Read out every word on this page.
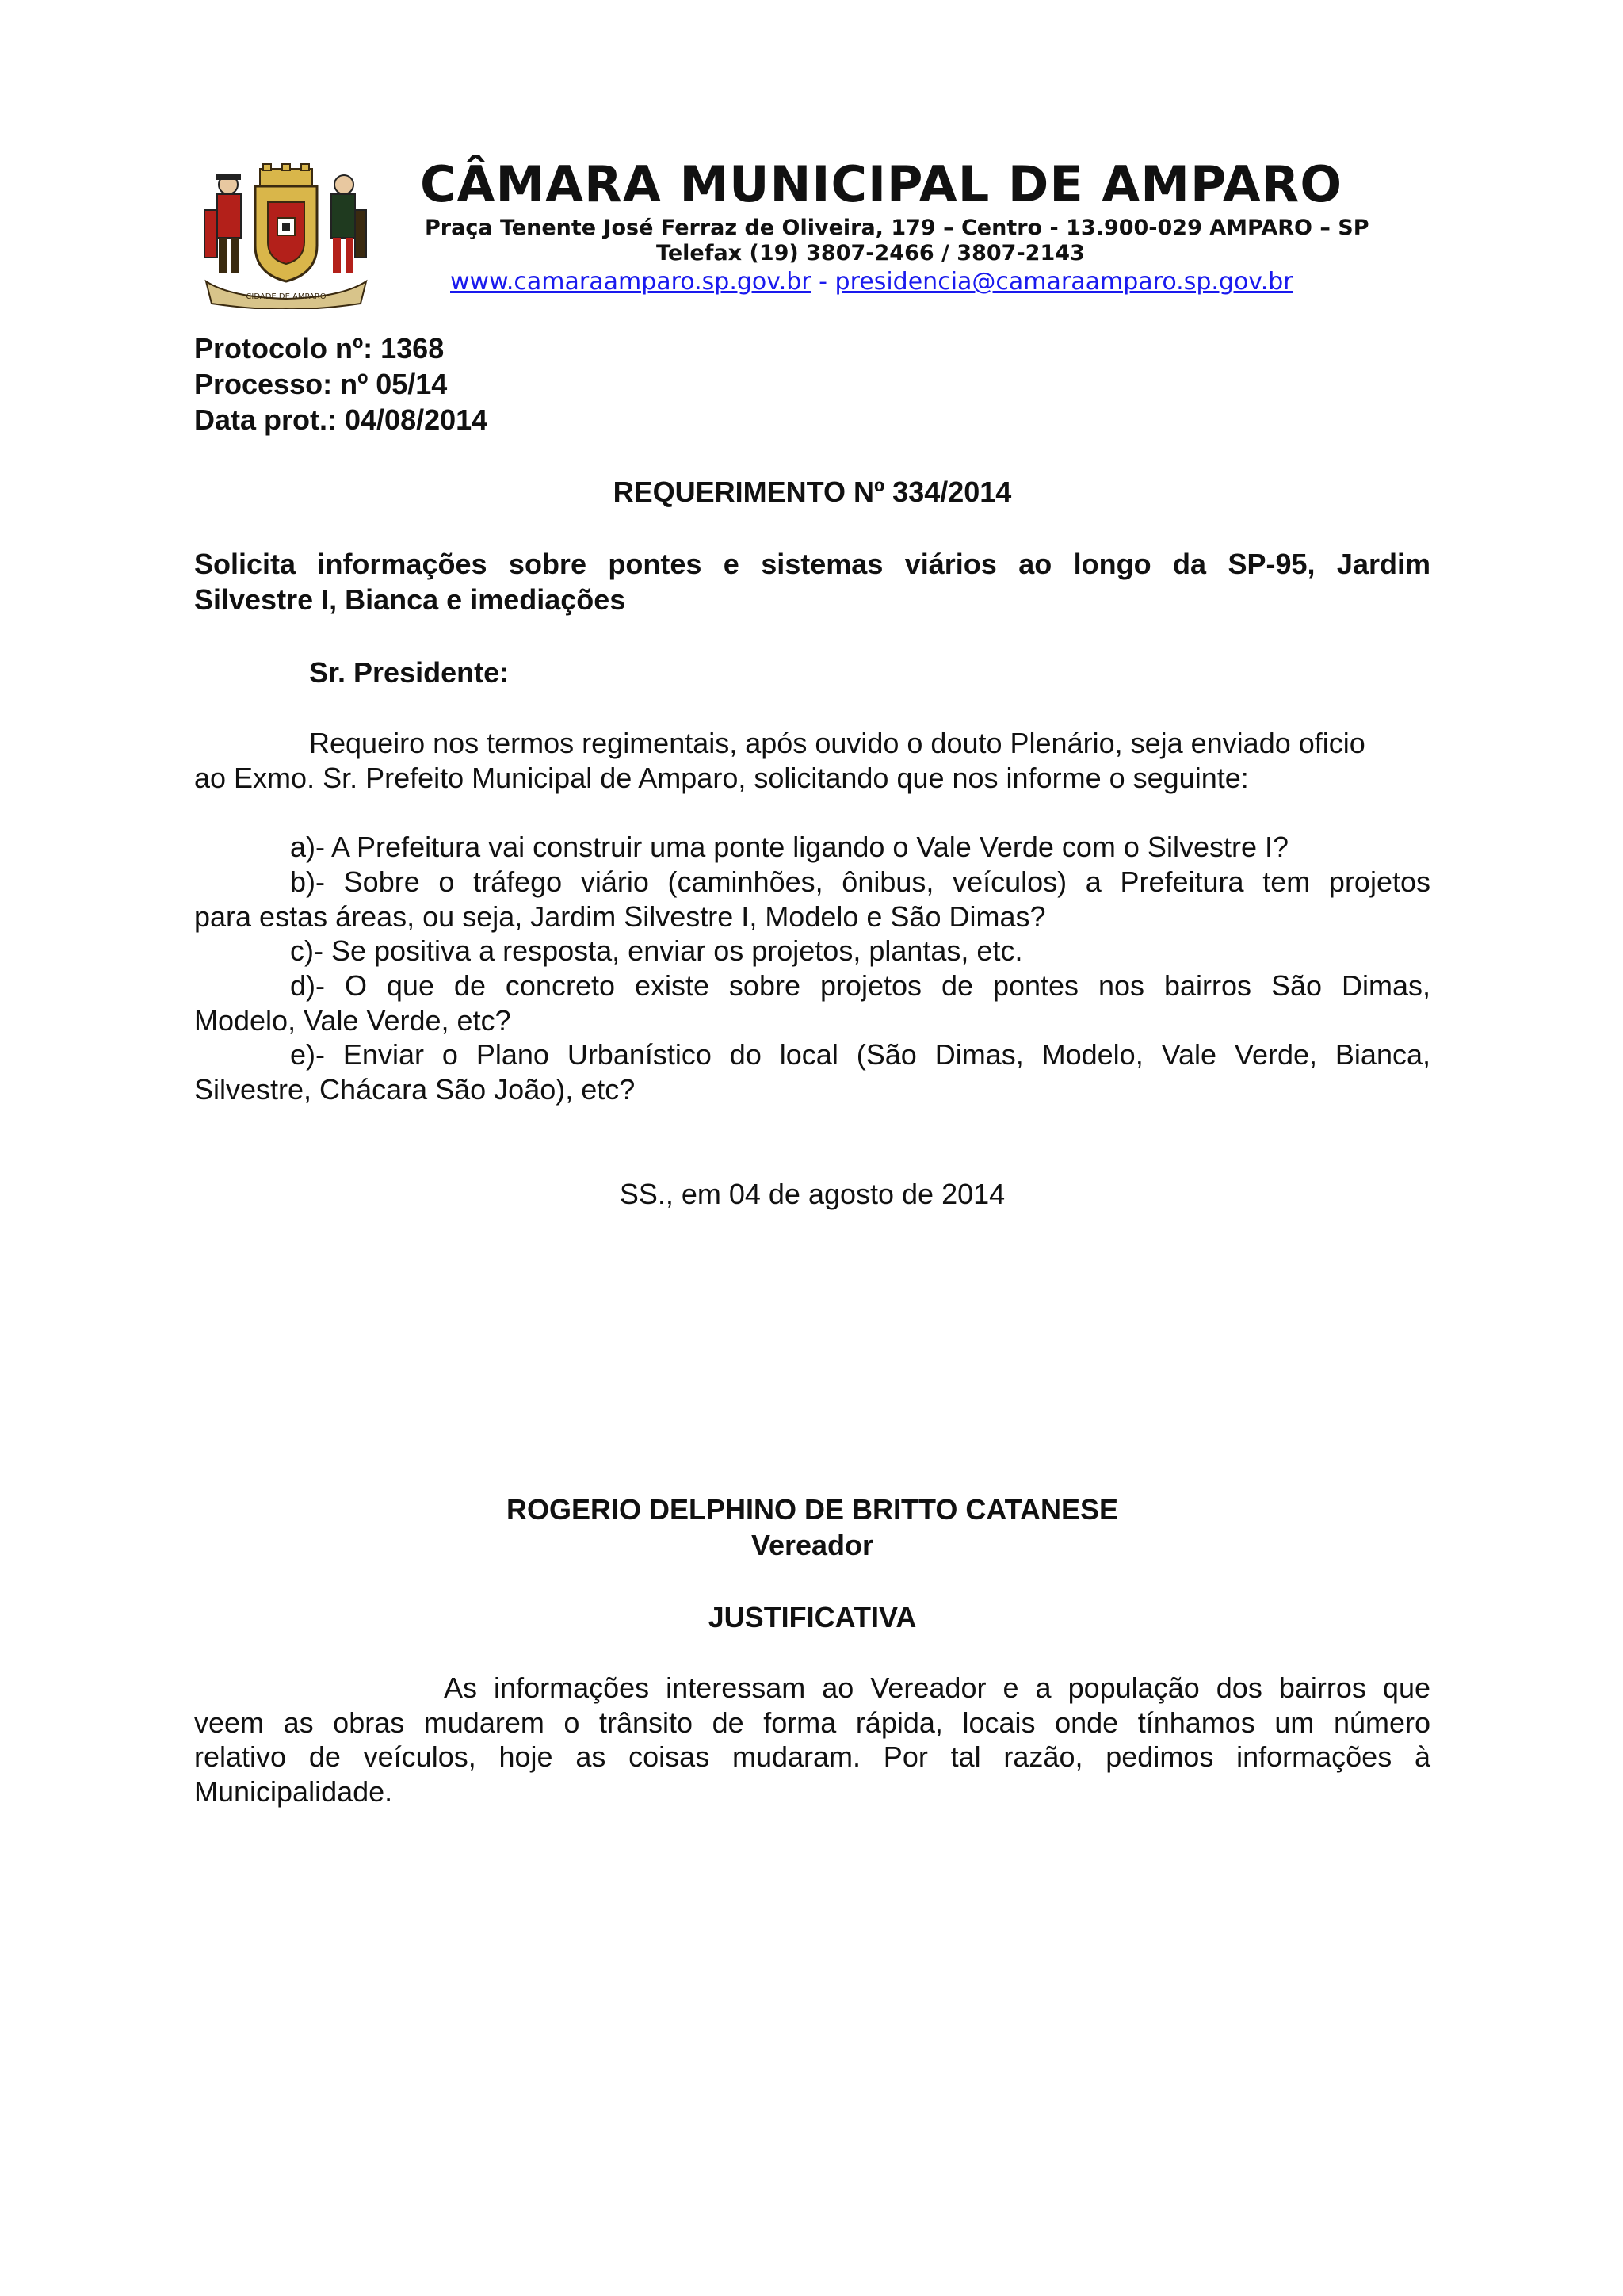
CIDADE DE AMPARO
CÂMARA MUNICIPAL DE AMPARO
Praça Tenente José Ferraz de Oliveira, 179 – Centro - 13.900-029 AMPARO – SP
Telefax (19) 3807-2466 / 3807-2143
www.camaraamparo.sp.gov.br - presidencia@camaraamparo.sp.gov.br
Protocolo nº: 1368
Processo: nº 05/14
Data prot.: 04/08/2014
REQUERIMENTO Nº 334/2014
Solicita informações sobre pontes e sistemas viários ao longo da SP-95, Jardim
Silvestre I, Bianca e imediações
Sr. Presidente:
Requeiro nos termos regimentais, após ouvido o douto Plenário, seja enviado oficio
ao Exmo. Sr. Prefeito Municipal de Amparo, solicitando que nos informe o seguinte:
a)- A Prefeitura vai construir uma ponte ligando o Vale Verde com o Silvestre I?
b)- Sobre o tráfego viário (caminhões, ônibus, veículos) a Prefeitura tem projetos
para estas áreas, ou seja, Jardim Silvestre I, Modelo e São Dimas?
c)- Se positiva a resposta, enviar os projetos, plantas, etc.
d)- O que de concreto existe sobre projetos de pontes nos bairros São Dimas,
Modelo, Vale Verde, etc?
e)- Enviar o Plano Urbanístico do local (São Dimas, Modelo, Vale Verde, Bianca,
Silvestre, Chácara São João), etc?
SS., em 04 de agosto de 2014
ROGERIO DELPHINO DE BRITTO CATANESE
Vereador
JUSTIFICATIVA
As informações interessam ao Vereador e a população dos bairros que
veem as obras mudarem o trânsito de forma rápida, locais onde tínhamos um número
relativo de veículos, hoje as coisas mudaram. Por tal razão, pedimos informações à
Municipalidade.
